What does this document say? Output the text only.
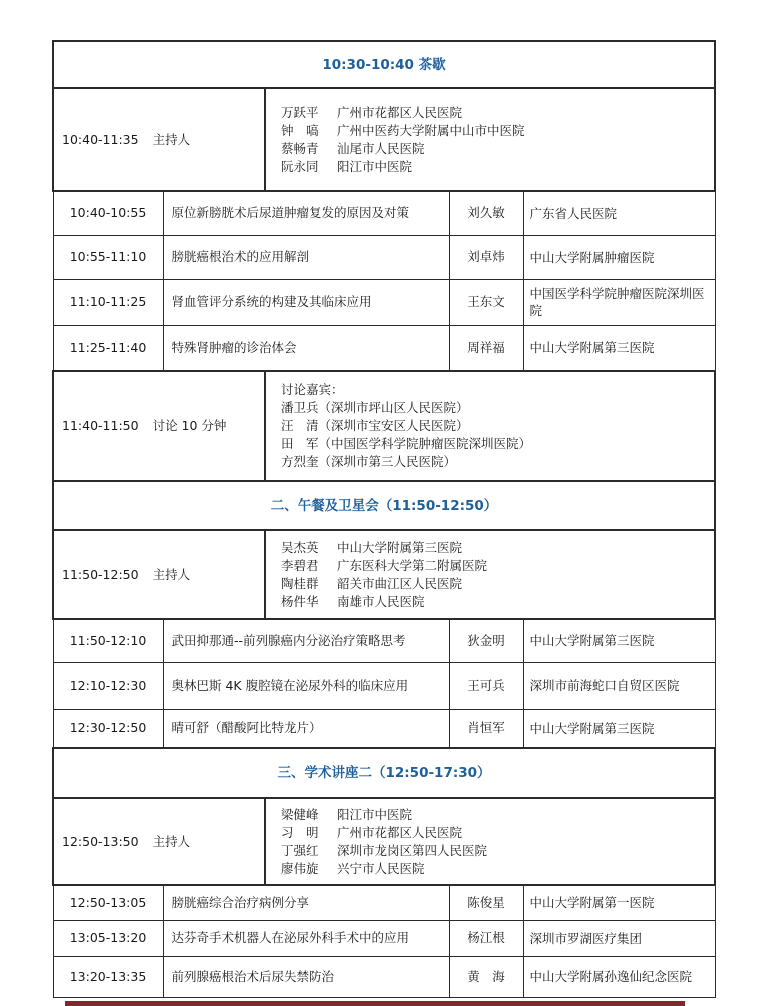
10:30-10:40 茶歇				
10:40-11:35 主持人		万跃平 广州市花都区人民医院
钟　嗃 广州中医药大学附属中山市中医院
蔡畅青 汕尾市人民医院
阮永同 阳江市中医院		

10:40-10:55	原位新膀胱术后尿道肿瘤复发的原因及对策		刘久敏	广东省人民医院
10:55-11:10	膀胱癌根治术的应用解剖		刘卓炜	中山大学附属肿瘤医院
11:10-11:25	肾血管评分系统的构建及其临床应用		王东文	中国医学科学院肿瘤医院深圳医院
11:25-11:40	特殊肾肿瘤的诊治体会		周祥福	中山大学附属第三医院
11:40-11:50 讨论 10 分钟		讨论嘉宾：
潘卫兵（深圳市坪山区人民医院）
汪　清（深圳市宝安区人民医院）
田　军（中国医学科学院肿瘤医院深圳医院）
方烈奎（深圳市第三人民医院）		

二、午餐及卫星会（11:50-12:50）				
11:50-12:50 主持人		吴杰英 中山大学附属第三医院
李碧君 广东医科大学第二附属医院
陶桂群 韶关市曲江区人民医院
杨件华 南雄市人民医院		

11:50-12:10	武田抑那通--前列腺癌内分泌治疗策略思考		狄金明	中山大学附属第三医院
12:10-12:30	奥林巴斯 4K 腹腔镜在泌尿外科的临床应用		王可兵	深圳市前海蛇口自贸区医院
12:30-12:50	晴可舒（醋酸阿比特龙片）		肖恒军	中山大学附属第三医院
三、学术讲座二（12:50-17:30）				
12:50-13:50 主持人		梁健峰 阳江市中医院
习　明 广州市花都区人民医院
丁强红 深圳市龙岗区第四人民医院
廖伟旋 兴宁市人民医院		

12:50-13:05	膀胱癌综合治疗病例分享		陈俊星	中山大学附属第一医院
13:05-13:20	达芬奇手术机器人在泌尿外科手术中的应用		杨江根	深圳市罗湖医疗集团
13:20-13:35	前列腺癌根治术后尿失禁防治		黄　海	中山大学附属孙逸仙纪念医院
